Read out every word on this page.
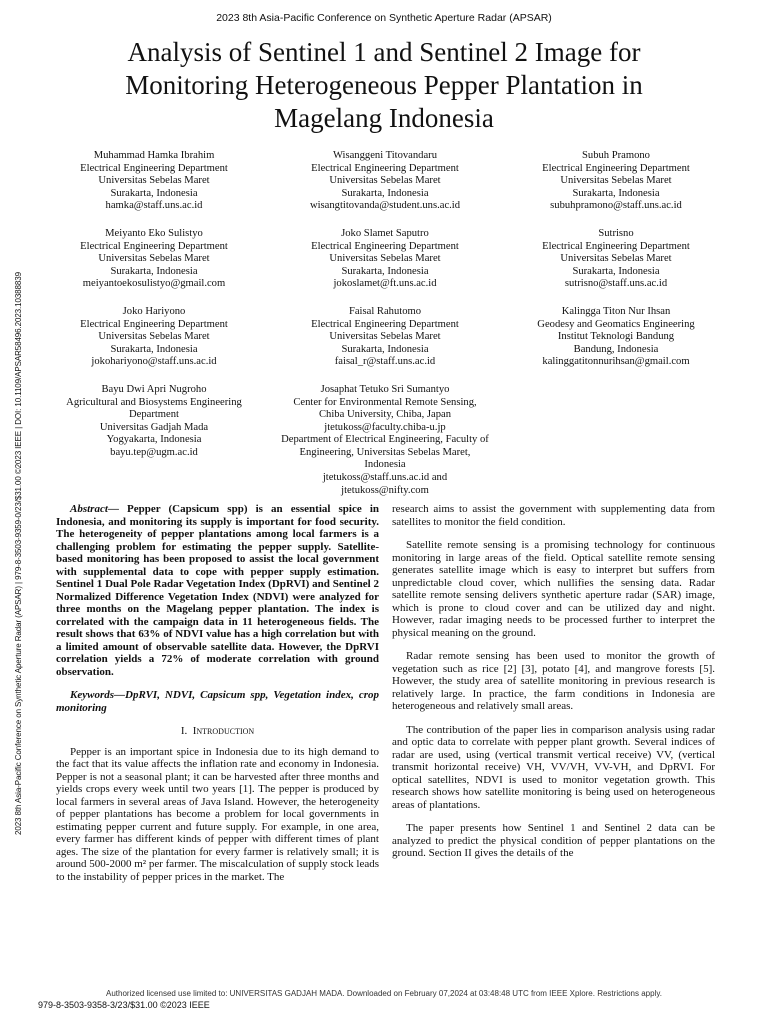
2023 8th Asia-Pacific Conference on Synthetic Aperture Radar (APSAR)
Analysis of Sentinel 1 and Sentinel 2 Image for
Monitoring Heterogeneous Pepper Plantation in
Magelang Indonesia
2023 8th Asia-Pacific Conference on Synthetic Aperture Radar (APSAR) | 979-8-3503-9359-0/23/$31.00 ©2023 IEEE | DOI: 10.1109/APSAR58496.2023.10388839
Muhammad Hamka Ibrahim
Electrical Engineering Department
Universitas Sebelas Maret
Surakarta, Indonesia
hamka@staff.uns.ac.id
Wisanggeni Titovandaru
Electrical Engineering Department
Universitas Sebelas Maret
Surakarta, Indonesia
wisangtitovanda@student.uns.ac.id
Subuh Pramono
Electrical Engineering Department
Universitas Sebelas Maret
Surakarta, Indonesia
subuhpramono@staff.uns.ac.id
Meiyanto Eko Sulistyo
Electrical Engineering Department
Universitas Sebelas Maret
Surakarta, Indonesia
meiyantoekosulistyo@gmail.com
Joko Slamet Saputro
Electrical Engineering Department
Universitas Sebelas Maret
Surakarta, Indonesia
jokoslamet@ft.uns.ac.id
Sutrisno
Electrical Engineering Department
Universitas Sebelas Maret
Surakarta, Indonesia
sutrisno@staff.uns.ac.id
Joko Hariyono
Electrical Engineering Department
Universitas Sebelas Maret
Surakarta, Indonesia
jokohariyono@staff.uns.ac.id
Faisal Rahutomo
Electrical Engineering Department
Universitas Sebelas Maret
Surakarta, Indonesia
faisal_r@staff.uns.ac.id
Kalingga Titon Nur Ihsan
Geodesy and Geomatics Engineering
Institut Teknologi Bandung
Bandung, Indonesia
kalinggatitonnurihsan@gmail.com
Bayu Dwi Apri Nugroho
Agricultural and Biosystems Engineering Department
Universitas Gadjah Mada
Yogyakarta, Indonesia
bayu.tep@ugm.ac.id
Josaphat Tetuko Sri Sumantyo
Center for Environmental Remote Sensing, Chiba University, Chiba, Japan
jtetukoss@faculty.chiba-u.jp
Department of Electrical Engineering, Faculty of Engineering, Universitas Sebelas Maret, Indonesia
jtetukoss@staff.uns.ac.id and
jtetukoss@nifty.com

Abstract— Pepper (Capsicum spp) is an essential spice in Indonesia, and monitoring its supply is important for food security. The heterogeneity of pepper plantations among local farmers is a challenging problem for estimating the pepper supply. Satellite-based monitoring has been proposed to assist the local government with supplemental data to cope with pepper supply estimation. Sentinel 1 Dual Pole Radar Vegetation Index (DpRVI) and Sentinel 2 Normalized Difference Vegetation Index (NDVI) were analyzed for three months on the Magelang pepper plantation. The index is correlated with the campaign data in 11 heterogeneous fields. The result shows that 63% of NDVI value has a high correlation but with a limited amount of observable satellite data. However, the DpRVI correlation yields a 72% of moderate correlation with ground observation.

Keywords—DpRVI, NDVI, Capsicum spp, Vegetation index, crop monitoring

I. Introduction

Pepper is an important spice in Indonesia due to its high demand to the fact that its value affects the inflation rate and economy in Indonesia. Pepper is not a seasonal plant; it can be harvested after three months and yields crops every week until two years [1]. The pepper is produced by local farmers in several areas of Java Island. However, the heterogeneity of pepper plantations has become a problem for local governments in estimating pepper current and future supply. For example, in one area, every farmer has different kinds of pepper with different times of plant ages. The size of the plantation for every farmer is relatively small; it is around 500-2000 m² per farmer. The miscalculation of supply stock leads to the instability of pepper prices in the market. The

research aims to assist the government with supplementing data from satellites to monitor the field condition.

Satellite remote sensing is a promising technology for continuous monitoring in large areas of the field. Optical satellite remote sensing generates satellite image which is easy to interpret but suffers from unpredictable cloud cover, which nullifies the sensing data. Radar satellite remote sensing delivers synthetic aperture radar (SAR) image, which is prone to cloud cover and can be utilized day and night. However, radar imaging needs to be processed further to interpret the physical meaning on the ground.

Radar remote sensing has been used to monitor the growth of vegetation such as rice [2] [3], potato [4], and mangrove forests [5]. However, the study area of satellite monitoring in previous research is relatively large. In practice, the farm conditions in Indonesia are heterogeneous and relatively small areas.

The contribution of the paper lies in comparison analysis using radar and optic data to correlate with pepper plant growth. Several indices of radar are used, using (vertical transmit vertical receive) VV, (vertical transmit horizontal receive) VH, VV/VH, VV-VH, and DpRVI. For optical satellites, NDVI is used to monitor vegetation growth. This research shows how satellite monitoring is being used on heterogeneous areas of plantations.

The paper presents how Sentinel 1 and Sentinel 2 data can be analyzed to predict the physical condition of pepper plantations on the ground. Section II gives the details of the

Authorized licensed use limited to: UNIVERSITAS GADJAH MADA. Downloaded on February 07,2024 at 03:48:48 UTC from IEEE Xplore. Restrictions apply.
979-8-3503-9358-3/23/$31.00 ©2023 IEEE
